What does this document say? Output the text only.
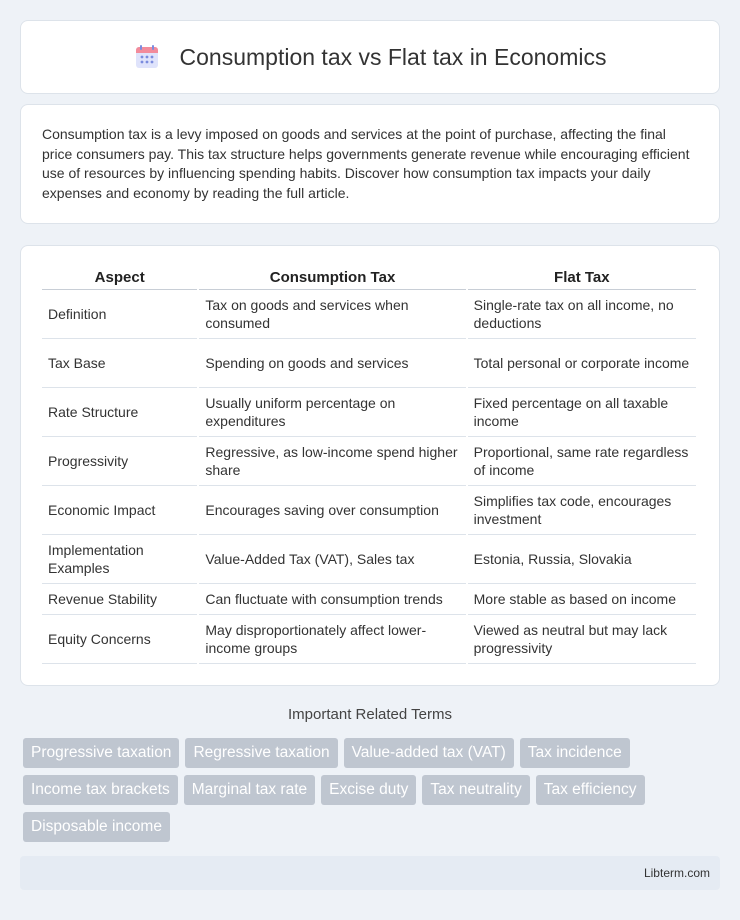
Consumption tax vs Flat tax in Economics

Consumption tax is a levy imposed on goods and services at the point of purchase, affecting the final price consumers pay. This tax structure helps governments generate revenue while encouraging efficient use of resources by influencing spending habits. Discover how consumption tax impacts your daily expenses and economy by reading the full article.

Aspect	Consumption Tax	Flat Tax
Definition	Tax on goods and services when consumed	Single-rate tax on all income, no deductions
Tax Base	Spending on goods and services	Total personal or corporate income
Rate Structure	Usually uniform percentage on expenditures	Fixed percentage on all taxable income
Progressivity	Regressive, as low-income spend higher share	Proportional, same rate regardless of income
Economic Impact	Encourages saving over consumption	Simplifies tax code, encourages investment
Implementation Examples	Value-Added Tax (VAT), Sales tax	Estonia, Russia, Slovakia
Revenue Stability	Can fluctuate with consumption trends	More stable as based on income
Equity Concerns	May disproportionately affect lower-income groups	Viewed as neutral but may lack progressivity
Important Related Terms
Progressive taxation	Regressive taxation	Value-added tax (VAT)	Tax incidence
Income tax brackets	Marginal tax rate	Excise duty	Tax neutrality	Tax efficiency
Disposable income
Libterm.com
